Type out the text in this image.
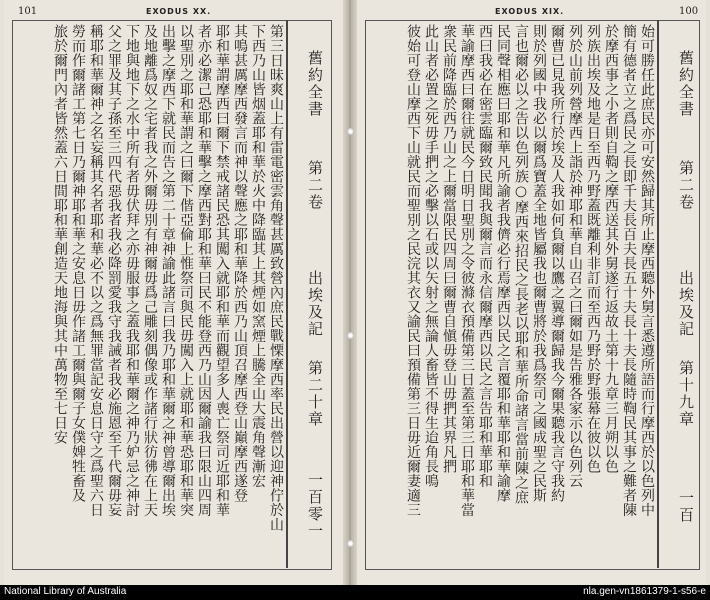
101	EXODUS XX.
第三日昧爽山上有雷電密雲角聲甚厲致營內庶民戰慄摩西率民出營以迎神佇於山
下西乃山皆烟蓋耶和華於火中降臨其上其煙如窯煙上騰全山大震角聲漸宏
其鳴甚厲摩西發言而神以聲應之耶和華降於西乃山頂召摩西登山巔摩西遂登
耶和華謂摩西曰爾下禁戒諸民恐其闖入就耶和華而觀望多人喪亡祭司近耶和華
者亦必潔己恐耶和華擊之摩西對耶和華曰民不能登西乃山因爾諭我曰限山四周
以聖別之耶和華謂之曰爾下偕亞倫上惟祭司與民毋闖入上就耶和華恐耶和華突
出擊之摩西下就民而告之第二十章神諭此諸言曰我乃耶和華爾之神曾導爾出埃
及地離爲奴之宅者我之外爾毋別有神爾毋爲己雕刻偶像或作諸行狀彷彿在上天
下地與地下之水中所有者毋伏拜之亦毋服事之蓋我耶和華爾之神乃妒忌之神討
父之罪及其子孫至三四代惡我者我必降罰愛我守我誡者我必施恩至千代爾毋妄
稱耶和華爾神之名妄稱其名者耶和華必不以之爲無罪當記安息日守之爲聖六日
勞而作爾諸工第七日乃爾神耶和華之安息日毋作諸工爾與爾子女僕婢牲畜及
旅於爾門內者皆然蓋六日間耶和華創造天地海與其中萬物至七日安	舊約全書
第二卷
出埃及記
第二十章
一百零一
100
EXODUS XIX.
始可勝任此庶民亦可安然歸其所止摩西聽外舅言悉遵所語而行摩西於以色列中
簡有德者立之爲民之長即千夫長百夫長五十夫長十夫長隨時鞫民其事之難者陳
於摩西事之小者則自鞫之摩西送其外舅遂行返故土第十九章三月朔以色
列族出埃及地是日至西乃野蓋既離利非訂而至西乃野於野張幕在彼以色
列於山前列營摩西上詣於神耶和華自山召之曰爾如是告雅各家示以色列云
爾曹已見我所行於埃及人我如何負爾以鷹之翼導爾歸我今爾果聽我言守我約
則於列國中我必以爾爲寶蓋全地皆屬我也爾曹將於我爲祭司之國成聖之民斯
言也爾必以之告以色列族○摩西來招民之長老以耶和華所命諸言當前陳之庶
民同聲相應曰耶和華凡所諭者我儕必行焉摩西以民之言覆耶和華耶和華諭摩
西曰我必在密雲臨爾致民聞我與爾言而永信爾摩西以民之言告耶和華耶和
華諭摩西曰爾往就民今日明日聖別之令彼滌衣預備第三日蓋至第三日耶和華當
衆民前降臨於西乃山之上爾當限民四周曰爾曹自愼毋登山毋捫其界凡捫
此山者必置之死毋手捫之必擊以石或以矢射之無論人畜皆不得生迨角長鳴
彼始可登山摩西下山就民而聖別之民浣其衣又諭民曰預備第三日毋近爾妻適三	舊約全書
第二卷
出埃及記
第十九章
一百
National Library of Australia	nla.gen-vn1861379-1-s56-e
